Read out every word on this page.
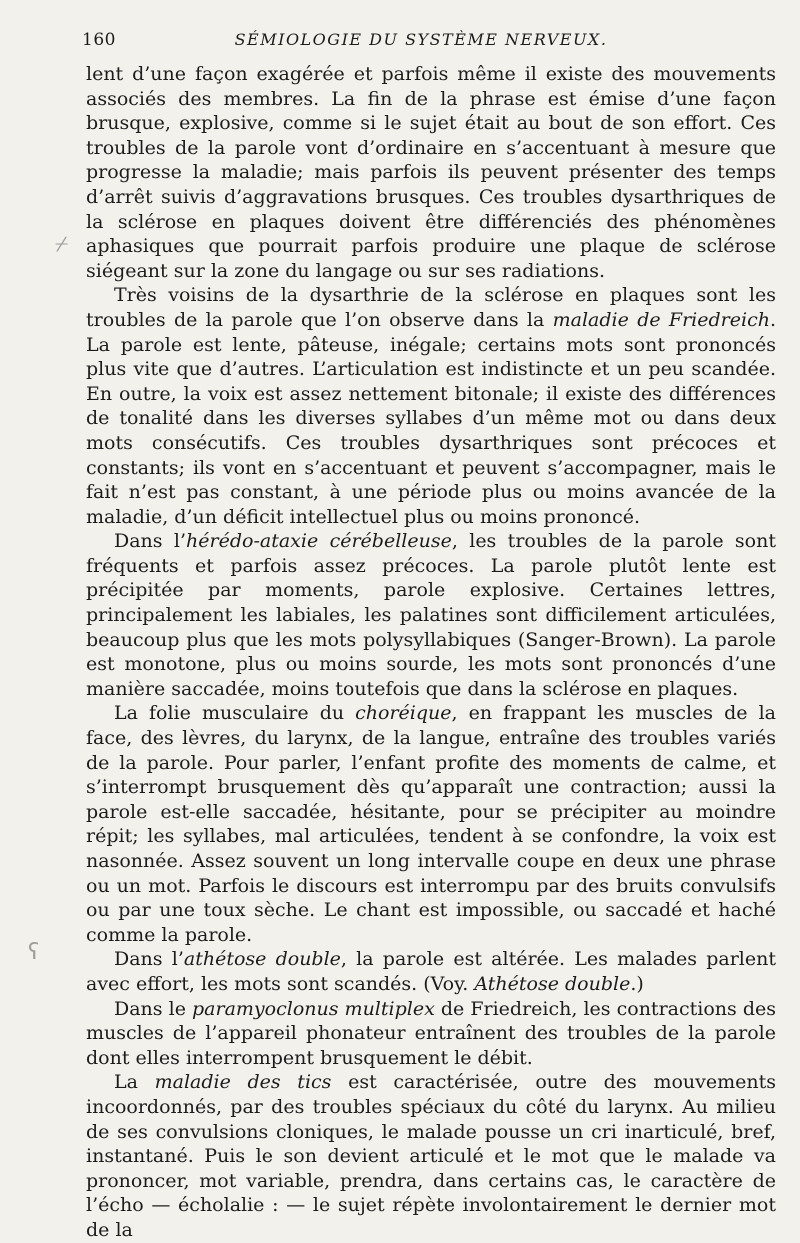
160	SÉMIOLOGIE DU SYSTÈME NERVEUX.
⌿
ʕ

lent d’une façon exagérée et parfois même il existe des mouvements associés des membres. La fin de la phrase est émise d’une façon brusque, explosive, comme si le sujet était au bout de son effort. Ces troubles de la parole vont d’ordinaire en s’accentuant à mesure que progresse la maladie; mais parfois ils peuvent présenter des temps d’arrêt suivis d’aggravations brusques. Ces troubles dysarthriques de la sclérose en plaques doivent être différenciés des phénomènes aphasiques que pourrait parfois produire une plaque de sclérose siégeant sur la zone du langage ou sur ses radiations.

Très voisins de la dysarthrie de la sclérose en plaques sont les troubles de la parole que l’on observe dans la maladie de Friedreich. La parole est lente, pâteuse, inégale; certains mots sont prononcés plus vite que d’autres. L’articulation est indistincte et un peu scandée. En outre, la voix est assez nettement bitonale; il existe des différences de tonalité dans les diverses syllabes d’un même mot ou dans deux mots consécutifs. Ces troubles dysarthriques sont précoces et constants; ils vont en s’accentuant et peuvent s’accompagner, mais le fait n’est pas constant, à une période plus ou moins avancée de la maladie, d’un déficit intellectuel plus ou moins prononcé.

Dans l’hérédo-ataxie cérébelleuse, les troubles de la parole sont fréquents et parfois assez précoces. La parole plutôt lente est précipitée par moments, parole explosive. Certaines lettres, principalement les labiales, les palatines sont difficilement articulées, beaucoup plus que les mots polysyllabiques (Sanger-Brown). La parole est monotone, plus ou moins sourde, les mots sont prononcés d’une manière saccadée, moins toutefois que dans la sclérose en plaques.

La folie musculaire du choréique, en frappant les muscles de la face, des lèvres, du larynx, de la langue, entraîne des troubles variés de la parole. Pour parler, l’enfant profite des moments de calme, et s’interrompt brusquement dès qu’apparaît une contraction; aussi la parole est-elle saccadée, hésitante, pour se précipiter au moindre répit; les syllabes, mal articulées, tendent à se confondre, la voix est nasonnée. Assez souvent un long intervalle coupe en deux une phrase ou un mot. Parfois le discours est interrompu par des bruits convulsifs ou par une toux sèche. Le chant est impossible, ou saccadé et haché comme la parole.

Dans l’athétose double, la parole est altérée. Les malades parlent avec effort, les mots sont scandés. (Voy. Athétose double.)

Dans le paramyoclonus multiplex de Friedreich, les contractions des muscles de l’appareil phonateur entraînent des troubles de la parole dont elles interrompent brusquement le débit.

La maladie des tics est caractérisée, outre des mouvements incoordonnés, par des troubles spéciaux du côté du larynx. Au milieu de ses convulsions cloniques, le malade pousse un cri inarticulé, bref, instantané. Puis le son devient articulé et le mot que le malade va prononcer, mot variable, prendra, dans certains cas, le caractère de l’écho — écholalie : — le sujet répète involontairement le dernier mot de la
